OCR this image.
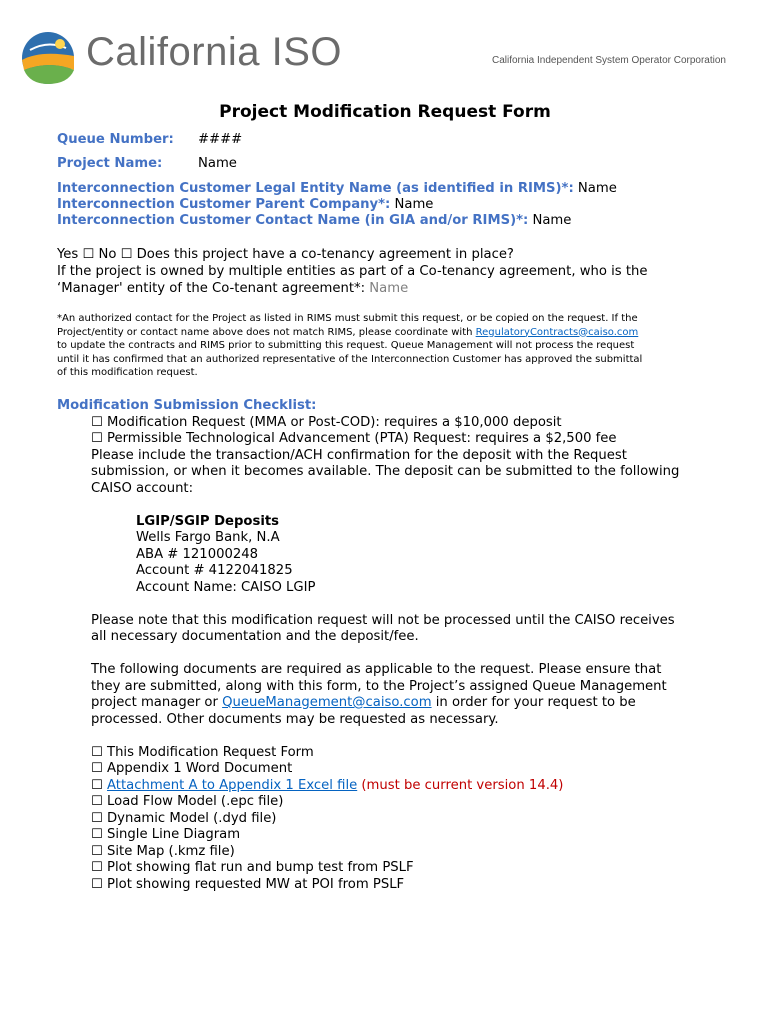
California ISO	California Independent System Operator Corporation
Project Modification Request Form
Queue Number: ####
Project Name:	Name
Interconnection Customer Legal Entity Name (as identified in RIMS)*: Name
Interconnection Customer Parent Company*: Name
Interconnection Customer Contact Name (in GIA and/or RIMS)*: Name
Yes ☐ No ☐ Does this project have a co-tenancy agreement in place?
If the project is owned by multiple entities as part of a Co-tenancy agreement, who is the
‘Manager' entity of the Co-tenant agreement*: Name
*An authorized contact for the Project as listed in RIMS must submit this request, or be copied on the request. If the
Project/entity or contact name above does not match RIMS, please coordinate with RegulatoryContracts@caiso.com
to update the contracts and RIMS prior to submitting this request. Queue Management will not process the request
until it has confirmed that an authorized representative of the Interconnection Customer has approved the submittal
of this modification request.
Modification Submission Checklist:
☐ Modification Request (MMA or Post-COD): requires a $10,000 deposit
☐ Permissible Technological Advancement (PTA) Request: requires a $2,500 fee
Please include the transaction/ACH confirmation for the deposit with the Request
submission, or when it becomes available. The deposit can be submitted to the following
CAISO account:
LGIP/SGIP Deposits
Wells Fargo Bank, N.A
ABA # 121000248
Account # 4122041825
Account Name: CAISO LGIP
Please note that this modification request will not be processed until the CAISO receives
all necessary documentation and the deposit/fee.
The following documents are required as applicable to the request. Please ensure that
they are submitted, along with this form, to the Project’s assigned Queue Management
project manager or QueueManagement@caiso.com in order for your request to be
processed. Other documents may be requested as necessary.
☐ This Modification Request Form
☐ Appendix 1 Word Document
☐ Attachment A to Appendix 1 Excel file (must be current version 14.4)
☐ Load Flow Model (.epc file)
☐ Dynamic Model (.dyd file)
☐ Single Line Diagram
☐ Site Map (.kmz file)
☐ Plot showing flat run and bump test from PSLF
☐ Plot showing requested MW at POI from PSLF
